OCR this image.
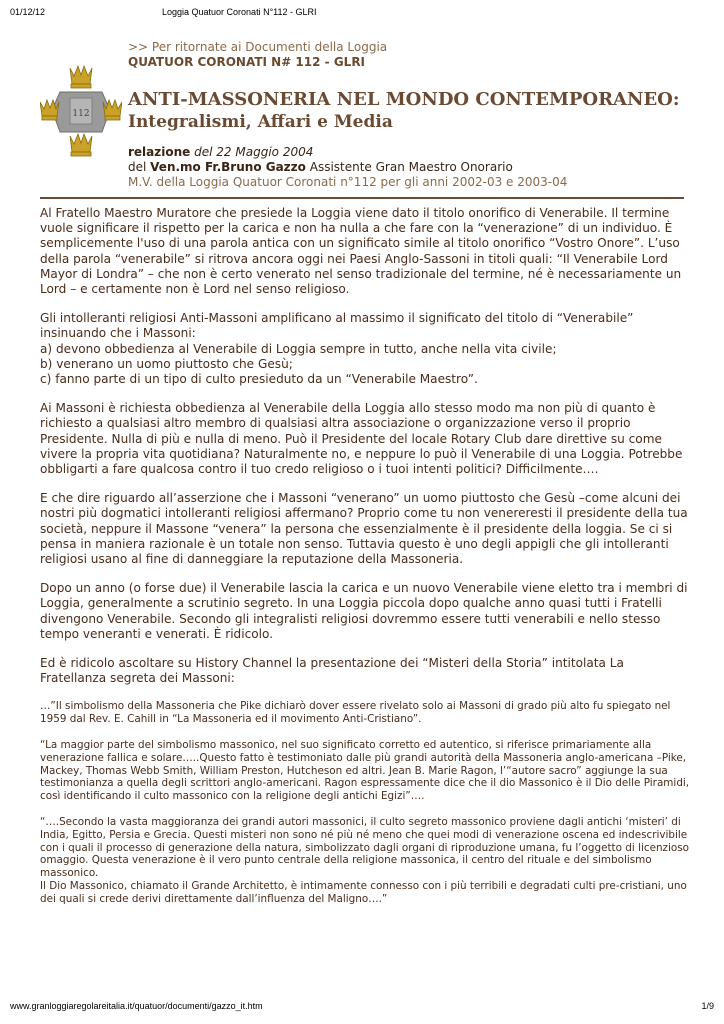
01/12/12	Loggia Quatuor Coronati N°112 - GLRI
112
>> Per ritornate ai Documenti della Loggia
QUATUOR CORONATI N# 112 - GLRI
ANTI-MASSONERIA NEL MONDO CONTEMPORANEO:
Integralismi, Affari e Media
relazione del 22 Maggio 2004
del Ven.mo Fr.Bruno Gazzo Assistente Gran Maestro Onorario
M.V. della Loggia Quatuor Coronati n°112 per gli anni 2002-03 e 2003-04

Al Fratello Maestro Muratore che presiede la Loggia viene dato il titolo onorifico di Venerabile. Il termine vuole significare il rispetto per la carica e non ha nulla a che fare con la “venerazione” di un individuo. È semplicemente l'uso di una parola antica con un significato simile al titolo onorifico “Vostro Onore”. L’uso della parola “venerabile” si ritrova ancora oggi nei Paesi Anglo-Sassoni in titoli quali: “Il Venerabile Lord Mayor di Londra” – che non è certo venerato nel senso tradizionale del termine, né è necessariamente un Lord – e certamente non è Lord nel senso religioso.

Gli intolleranti religiosi Anti-Massoni amplificano al massimo il significato del titolo di “Venerabile” insinuando che i Massoni:
a) devono obbedienza al Venerabile di Loggia sempre in tutto, anche nella vita civile;
b) venerano un uomo piuttosto che Gesù;
c) fanno parte di un tipo di culto presieduto da un “Venerabile Maestro”.

Ai Massoni è richiesta obbedienza al Venerabile della Loggia allo stesso modo ma non più di quanto è richiesto a qualsiasi altro membro di qualsiasi altra associazione o organizzazione verso il proprio Presidente. Nulla di più e nulla di meno. Può il Presidente del locale Rotary Club dare direttive su come vivere la propria vita quotidiana? Naturalmente no, e neppure lo può il Venerabile di una Loggia. Potrebbe obbligarti a fare qualcosa contro il tuo credo religioso o i tuoi intenti politici? Difficilmente….

E che dire riguardo all’asserzione che i Massoni “venerano” un uomo piuttosto che Gesù –come alcuni dei nostri più dogmatici intolleranti religiosi affermano? Proprio come tu non venereresti il presidente della tua società, neppure il Massone “venera” la persona che essenzialmente è il presidente della loggia. Se ci si pensa in maniera razionale è un totale non senso. Tuttavia questo è uno degli appigli che gli intolleranti religiosi usano al fine di danneggiare la reputazione della Massoneria.

Dopo un anno (o forse due) il Venerabile lascia la carica e un nuovo Venerabile viene eletto tra i membri di Loggia, generalmente a scrutinio segreto. In una Loggia piccola dopo qualche anno quasi tutti i Fratelli divengono Venerabile. Secondo gli integralisti religiosi dovremmo essere tutti venerabili e nello stesso tempo veneranti e venerati. È ridicolo.

Ed è ridicolo ascoltare su History Channel la presentazione dei “Misteri della Storia” intitolata La Fratellanza segreta dei Massoni:

…”Il simbolismo della Massoneria che Pike dichiarò dover essere rivelato solo ai Massoni di grado più alto fu spiegato nel 1959 dal Rev. E. Cahill in “La Massoneria ed il movimento Anti-Cristiano”.

“La maggior parte del simbolismo massonico, nel suo significato corretto ed autentico, si riferisce primariamente alla venerazione fallica e solare…..Questo fatto è testimoniato dalle più grandi autorità della Massoneria anglo-americana –Pike, Mackey, Thomas Webb Smith, William Preston, Hutcheson ed altri. Jean B. Marie Ragon, l’“autore sacro” aggiunge la sua testimonianza a quella degli scrittori anglo-americani. Ragon espressamente dice che il dio Massonico è il Dio delle Piramidi, così identificando il culto massonico con la religione degli antichi Egizi”….

“….Secondo la vasta maggioranza dei grandi autori massonici, il culto segreto massonico proviene dagli antichi ‘misteri’ di India, Egitto, Persia e Grecia. Questi misteri non sono né più né meno che quei modi di venerazione oscena ed indescrivibile con i quali il processo di generazione della natura, simbolizzato dagli organi di riproduzione umana, fu l’oggetto di licenzioso omaggio. Questa venerazione è il vero punto centrale della religione massonica, il centro del rituale e del simbolismo massonico.

Il Dio Massonico, chiamato il Grande Architetto, è intimamente connesso con i più terribili e degradati culti pre-cristiani, uno dei quali si crede derivi direttamente dall’influenza del Maligno….”

www.granloggiaregolareitalia.it/quatuor/documenti/gazzo_it.htm	1/9
